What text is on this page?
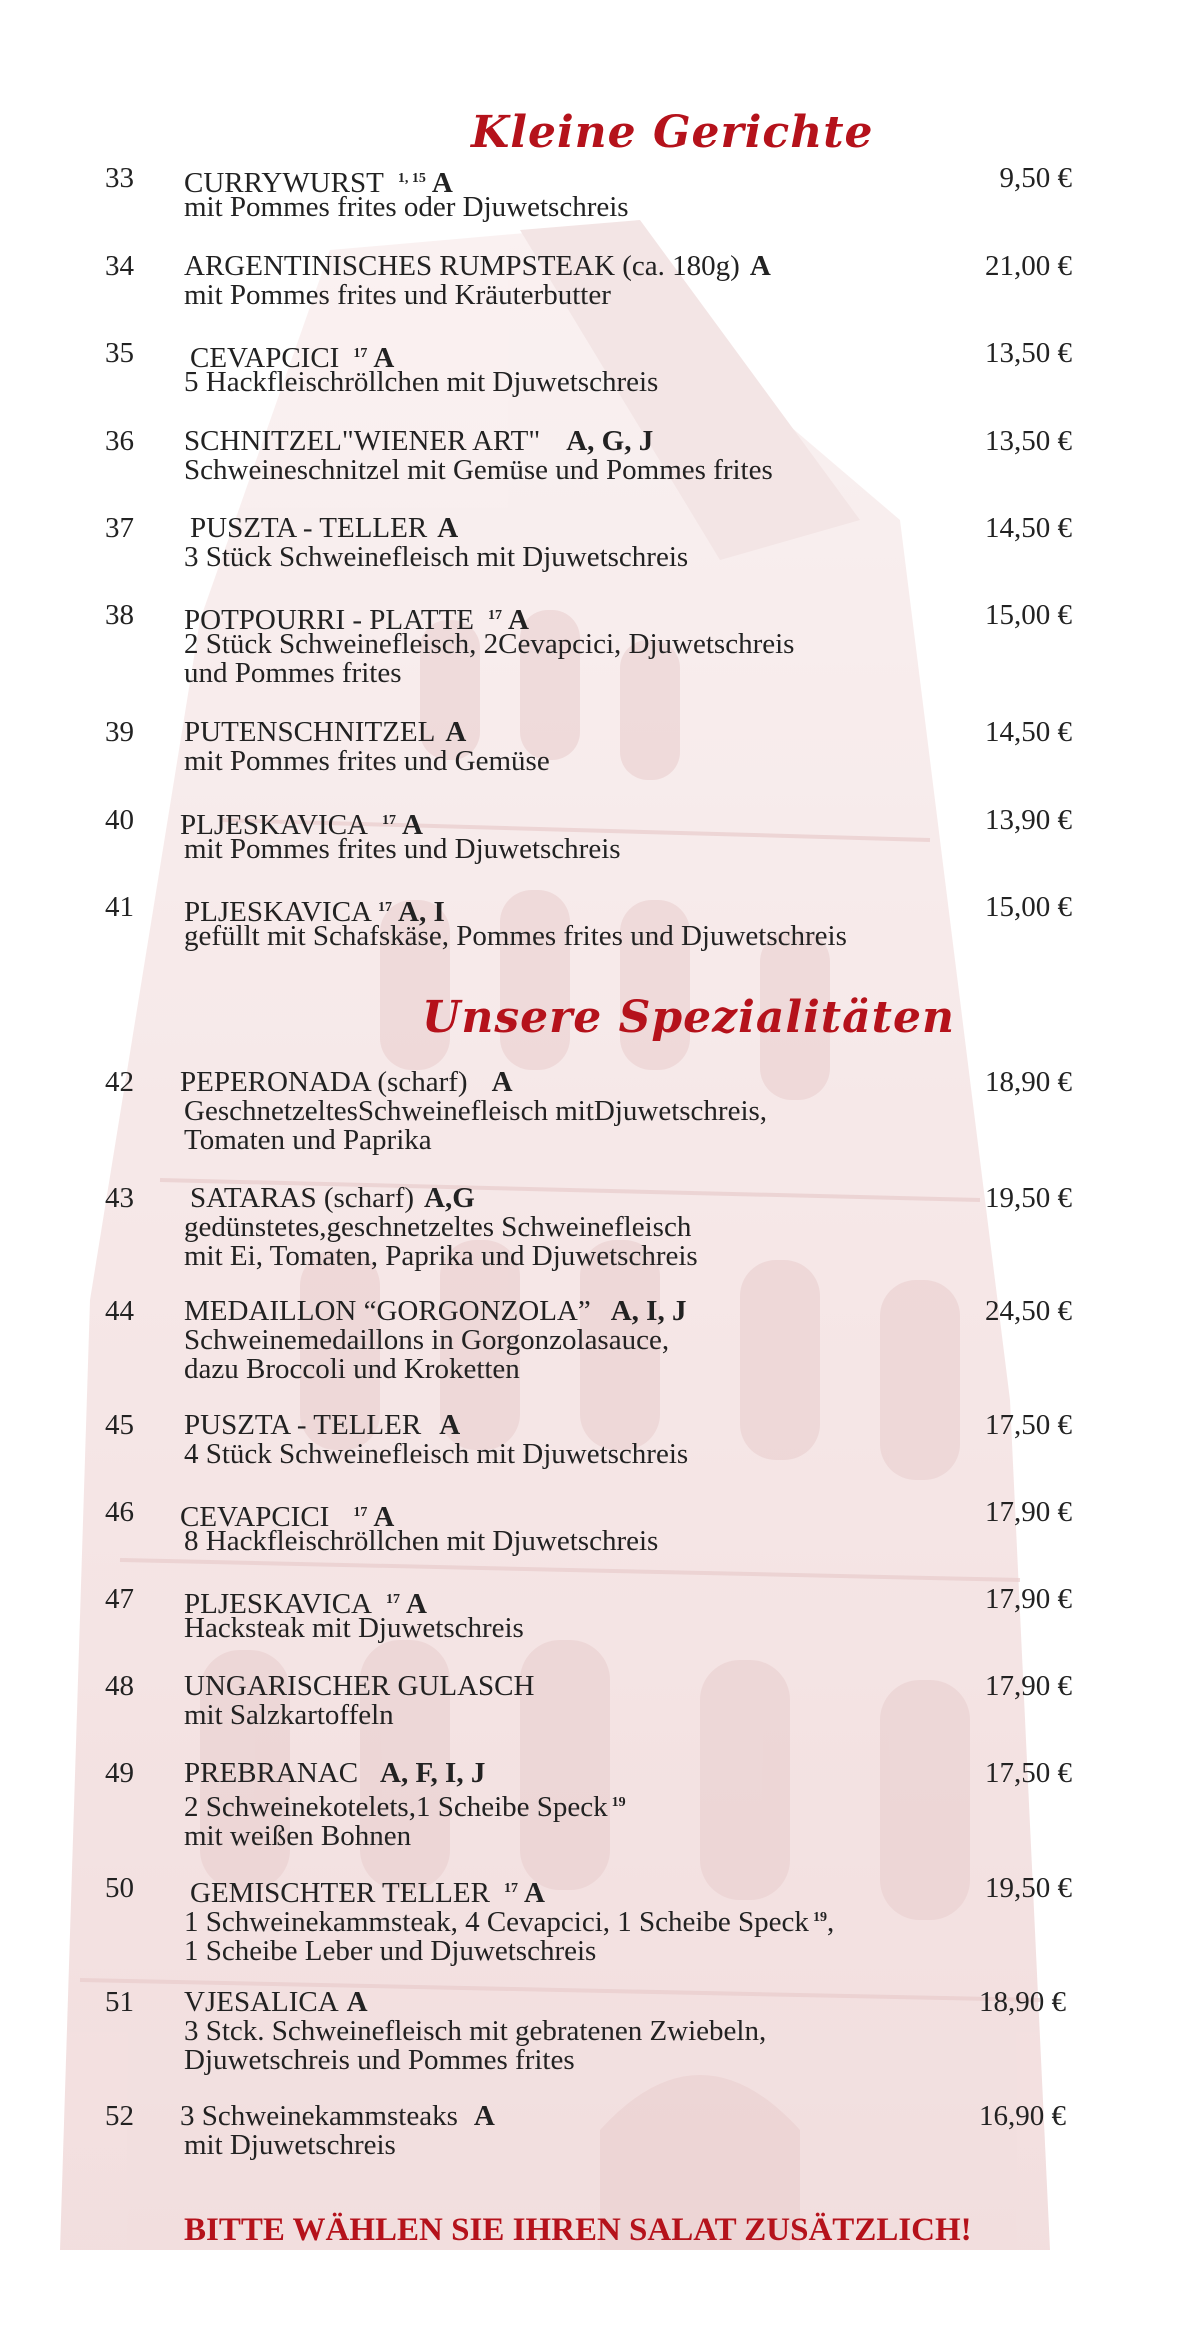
Kleine Gerichte
33 CURRYWURST $^{1, 15}$ A	9,50 €
mit Pommes frites oder Djuwetschreis
34 ARGENTINISCHES RUMPSTEAK (ca. 180g) A	21,00 €
mit Pommes frites und Kräuterbutter
35 CEVAPCICI $^{17}$ A	13,50 €
5 Hackfleischröllchen mit Djuwetschreis
36 SCHNITZEL"WIENER ART" A, G, J	13,50 €
Schweineschnitzel mit Gemüse und Pommes frites
37 PUSZTA - TELLER A	14,50 €
3 Stück Schweinefleisch mit Djuwetschreis
38 POTPOURRI - PLATTE $^{17}$ A	15,00 €
2 Stück Schweinefleisch, 2Cevapcici, Djuwetschreis
und Pommes frites
39 PUTENSCHNITZEL A	14,50 €
mit Pommes frites und Gemüse
40 PLJESKAVICA $^{17}$ A	13,90 €
mit Pommes frites und Djuwetschreis
41 PLJESKAVICA $^{17}$ A, I	15,00 €
gefüllt mit Schafskäse, Pommes frites und Djuwetschreis
Unsere Spezialitäten
42 PEPERONADA (scharf) A	18,90 €
GeschnetzeltesSchweinefleisch mitDjuwetschreis,
Tomaten und Paprika
43 SATARAS (scharf) A,G	19,50 €
gedünstetes,geschnetzeltes Schweinefleisch
mit Ei, Tomaten, Paprika und Djuwetschreis
44 MEDAILLON “GORGONZOLA” A, I, J	24,50 €
Schweinemedaillons in Gorgonzolasauce,
dazu Broccoli und Kroketten
45 PUSZTA - TELLER A	17,50 €
4 Stück Schweinefleisch mit Djuwetschreis
46 CEVAPCICI $^{17}$ A	17,90 €
8 Hackfleischröllchen mit Djuwetschreis
47 PLJESKAVICA $^{17}$ A	17,90 €
Hacksteak mit Djuwetschreis
48 UNGARISCHER GULASCH	17,90 €
mit Salzkartoffeln
49 PREBRANAC A, F, I, J	17,50 €
2 Schweinekotelets,1 Scheibe Speck $^{19}$
mit weißen Bohnen
50 GEMISCHTER TELLER $^{17}$ A	19,50 €
1 Schweinekammsteak, 4 Cevapcici, 1 Scheibe Speck $^{19}$,
1 Scheibe Leber und Djuwetschreis
51 VJESALICA A	18,90 €
3 Stck. Schweinefleisch mit gebratenen Zwiebeln,
Djuwetschreis und Pommes frites
52 3 Schweinekammsteaks A	16,90 €
mit Djuwetschreis

BITTE WÄHLEN SIE IHREN SALAT ZUSÄTZLICH!
